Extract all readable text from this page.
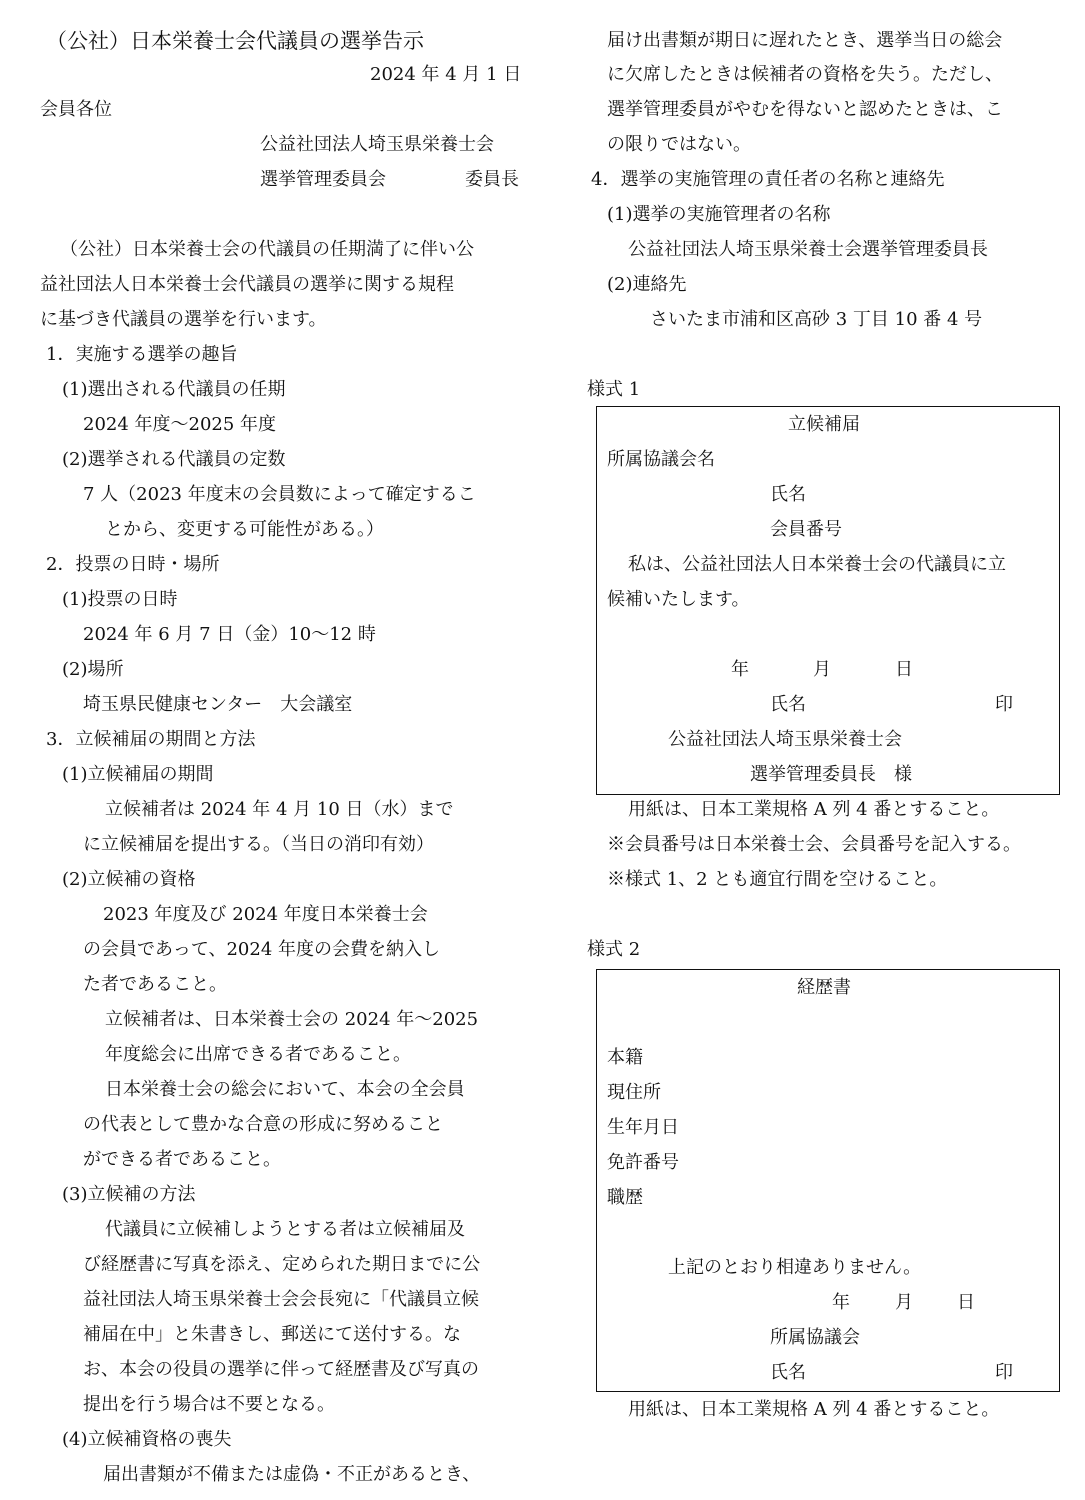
（公社）日本栄養士会代議員の選挙告示
2024 年 4 月 1 日
会員各位
公益社団法人埼玉県栄養士会
選挙管理委員会	委員長
（公社）日本栄養士会の代議員の任期満了に伴い公
益社団法人日本栄養士会代議員の選挙に関する規程
に基づき代議員の選挙を行います。
1．実施する選挙の趣旨
(1)選出される代議員の任期
2024 年度～2025 年度
(2)選挙される代議員の定数
7 人（2023 年度末の会員数によって確定するこ
とから、変更する可能性がある。）
2．投票の日時・場所
(1)投票の日時
2024 年 6 月 7 日（金）10～12 時
(2)場所
埼玉県民健康センター　大会議室
3．立候補届の期間と方法
(1)立候補届の期間
立候補者は 2024 年 4 月 10 日（水）まで
に立候補届を提出する。（当日の消印有効）
(2)立候補の資格
2023 年度及び 2024 年度日本栄養士会
の会員であって、2024 年度の会費を納入し
た者であること。
立候補者は、日本栄養士会の 2024 年～2025
年度総会に出席できる者であること。
日本栄養士会の総会において、本会の全会員
の代表として豊かな合意の形成に努めること
ができる者であること。
(3)立候補の方法
代議員に立候補しようとする者は立候補届及
び経歴書に写真を添え、定められた期日までに公
益社団法人埼玉県栄養士会会長宛に「代議員立候
補届在中」と朱書きし、郵送にて送付する。な
お、本会の役員の選挙に伴って経歴書及び写真の
提出を行う場合は不要となる。
(4)立候補資格の喪失
届出書類が不備または虚偽・不正があるとき、
届け出書類が期日に遅れたとき、選挙当日の総会
に欠席したときは候補者の資格を失う。ただし、
選挙管理委員がやむを得ないと認めたときは、こ
の限りではない。
4．選挙の実施管理の責任者の名称と連絡先
(1)選挙の実施管理者の名称
公益社団法人埼玉県栄養士会選挙管理委員長
(2)連絡先
さいたま市浦和区高砂 3 丁目 10 番 4 号
様式 1
立候補届
所属協議会名
氏名
会員番号
私は、公益社団法人日本栄養士会の代議員に立
候補いたします。
年	月	日
氏名	印
公益社団法人埼玉県栄養士会
選挙管理委員長　様
用紙は、日本工業規格 A 列 4 番とすること。
※会員番号は日本栄養士会、会員番号を記入する。
※様式 1、2 とも適宜行間を空けること。
様式 2
経歴書
本籍
現住所
生年月日
免許番号
職歴
上記のとおり相違ありません。
年	月 日
所属協議会
氏名	印
用紙は、日本工業規格 A 列 4 番とすること。
